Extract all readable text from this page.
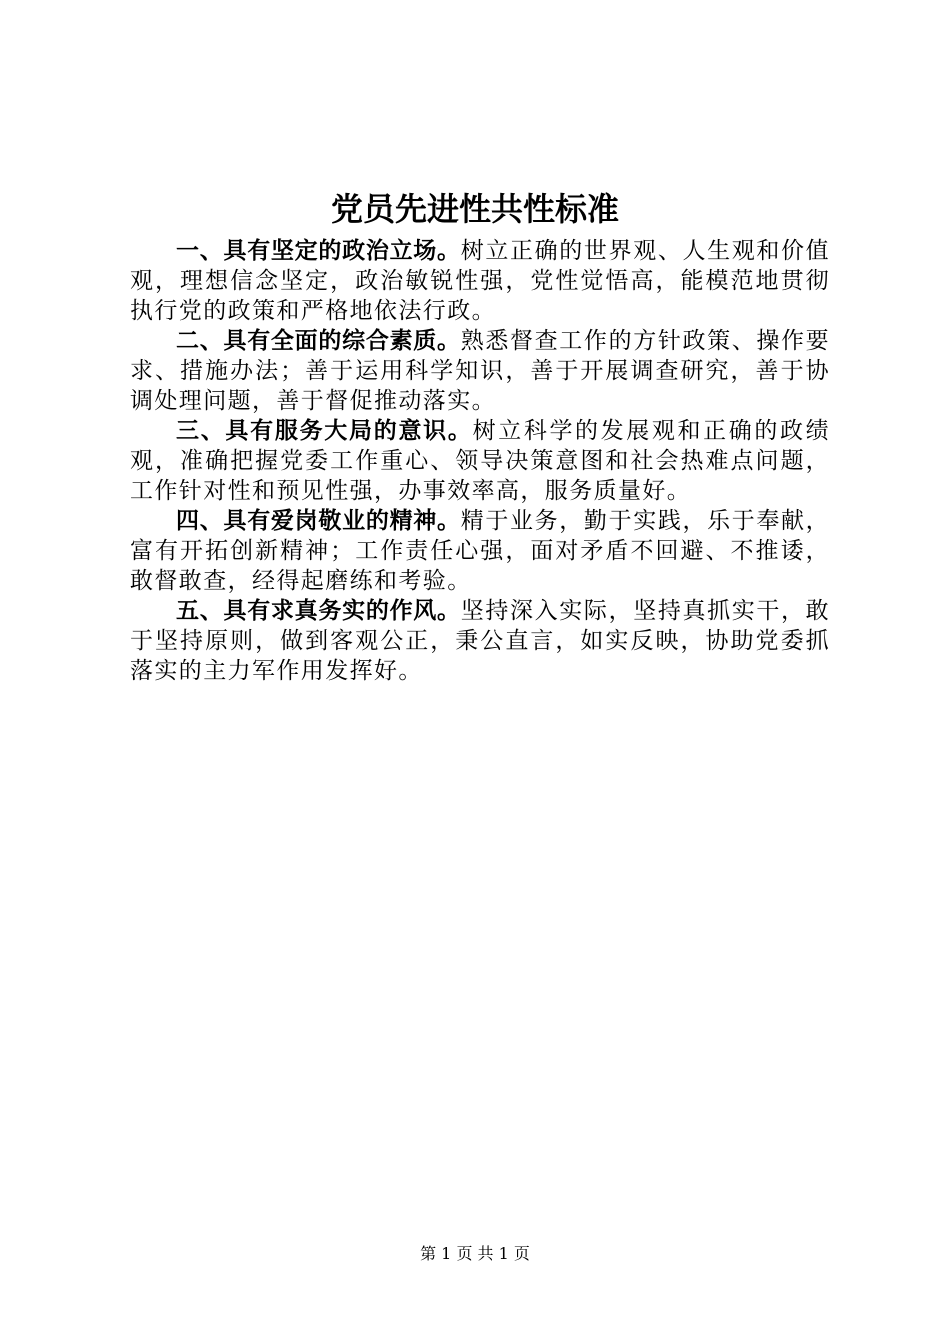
党员先进性共性标准

一、具有坚定的政治立场。树立正确的世界观、人生观和价值观，理想信念坚定，政治敏锐性强，党性觉悟高，能模范地贯彻执行党的政策和严格地依法行政。

二、具有全面的综合素质。熟悉督查工作的方针政策、操作要求、措施办法；善于运用科学知识，善于开展调查研究，善于协调处理问题，善于督促推动落实。

三、具有服务大局的意识。树立科学的发展观和正确的政绩观，准确把握党委工作重心、领导决策意图和社会热难点问题，工作针对性和预见性强，办事效率高，服务质量好。

四、具有爱岗敬业的精神。精于业务，勤于实践，乐于奉献，富有开拓创新精神；工作责任心强，面对矛盾不回避、不推诿，敢督敢查，经得起磨练和考验。

五、具有求真务实的作风。坚持深入实际，坚持真抓实干，敢于坚持原则，做到客观公正，秉公直言，如实反映，协助党委抓落实的主力军作用发挥好。

第 1 页 共 1 页
